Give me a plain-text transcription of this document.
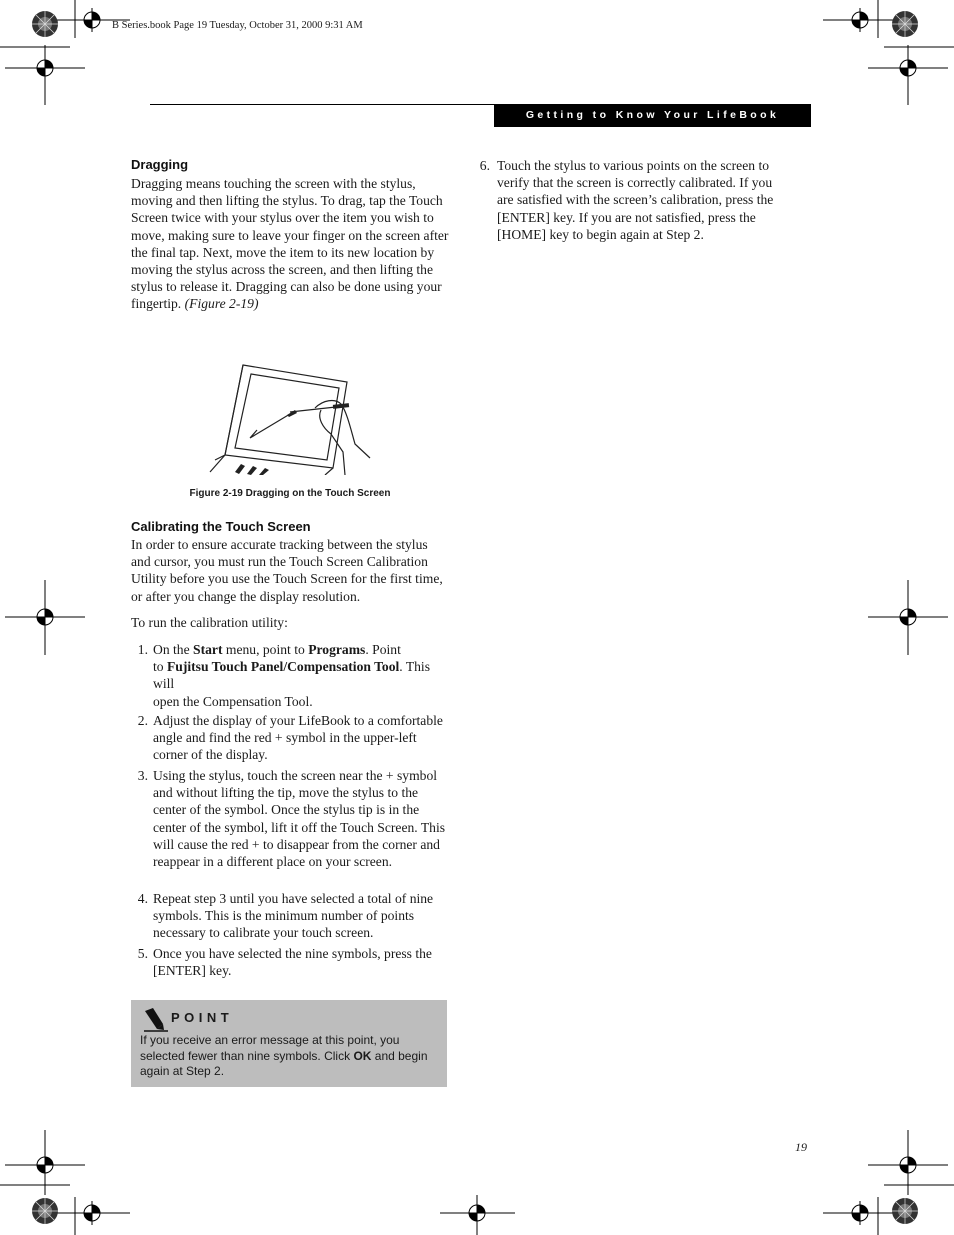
B Series.book Page 19 Tuesday, October 31, 2000 9:31 AM
Getting to Know Your LifeBook
Dragging
Dragging means touching the screen with the stylus, moving and then lifting the stylus. To drag, tap the Touch Screen twice with your stylus over the item you wish to move, making sure to leave your finger on the screen after the final tap. Next, move the item to its new location by moving the stylus across the screen, and then lifting the stylus to release it. Dragging can also be done using your fingertip. (Figure 2-19)
Figure 2-19 Dragging on the Touch Screen
Calibrating the Touch Screen
In order to ensure accurate tracking between the stylus and cursor, you must run the Touch Screen Calibration Utility before you use the Touch Screen for the first time, or after you change the display resolution.
To run the calibration utility:
1. On the Start menu, point to Programs. Point
to Fujitsu Touch Panel/Compensation Tool. This
will
open the Compensation Tool.
2. Adjust the display of your LifeBook to a comfortable angle and find the red + symbol in the upper-left corner of the display.
3. Using the stylus, touch the screen near the + symbol and without lifting the tip, move the stylus to the center of the symbol. Once the stylus tip is in the center of the symbol, lift it off the Touch Screen. This will cause the red + to disappear from the corner and reappear in a different place on your screen.
4. Repeat step 3 until you have selected a total of nine symbols. This is the minimum number of points necessary to calibrate your touch screen.
5. Once you have selected the nine symbols, press the [ENTER] key.
6. Touch the stylus to various points on the screen to verify that the screen is correctly calibrated. If you are satisfied with the screen’s calibration, press the [ENTER] key. If you are not satisfied, press the [HOME] key to begin again at Step 2.
POINT
If you receive an error message at this point, you selected fewer than nine symbols. Click OK and begin again at Step 2.
19
